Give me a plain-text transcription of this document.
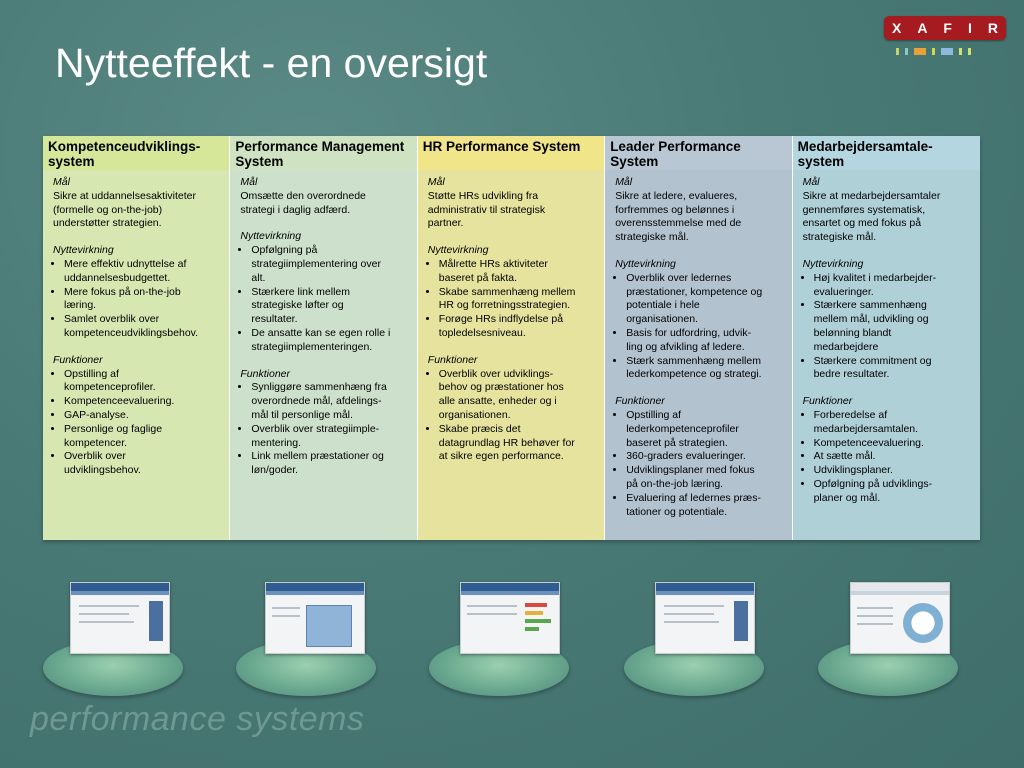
Nytteeffekt - en oversigt
X A F I R
Kompetenceudviklings-
system
Mål
Sikre at uddannelsesaktiviteter
(formelle og on-the-job)
understøtter strategien.
Nyttevirkning
• Mere effektiv udnyttelse af
uddannelsesbudgettet.
• Mere fokus på on-the-job
læring.
• Samlet overblik over
kompetenceudviklingsbehov.
Funktioner
• Opstilling af
kompetenceprofiler.
• Kompetenceevaluering.
• GAP-analyse.
• Personlige og faglige
kompetencer.
• Overblik over
udviklingsbehov.
Performance Management
System
Mål
Omsætte den overordnede
strategi i daglig adfærd.
Nyttevirkning
• Opfølgning på
strategiimplementering over
alt.
• Stærkere link mellem
strategiske løfter og
resultater.
• De ansatte kan se egen rolle i
strategiimplementeringen.
Funktioner
• Synliggøre sammenhæng fra
overordnede mål, afdelings-
mål til personlige mål.
• Overblik over strategiimple-
mentering.
• Link mellem præstationer og
løn/goder.
HR Performance System
Mål
Støtte HRs udvikling fra
administrativ til strategisk
partner.
Nyttevirkning
• Målrette HRs aktiviteter
baseret på fakta.
• Skabe sammenhæng mellem
HR og forretningsstrategien.
• Forøge HRs indflydelse på
topledelsesniveau.
Funktioner
• Overblik over udviklings-
behov og præstationer hos
alle ansatte, enheder og i
organisationen.
• Skabe præcis det
datagrundlag HR behøver for
at sikre egen performance.
Leader Performance
System
Mål
Sikre at ledere, evalueres,
forfremmes og belønnes i
overensstemmelse med de
strategiske mål.
Nyttevirkning
• Overblik over ledernes
præstationer, kompetence og
potentiale i hele
organisationen.
• Basis for udfordring, udvik-
ling og afvikling af ledere.
• Stærk sammenhæng mellem
lederkompetence og strategi.
Funktioner
• Opstilling af
lederkompetenceprofiler
baseret på strategien.
• 360-graders evalueringer.
• Udviklingsplaner med fokus
på on-the-job læring.
• Evaluering af ledernes præs-
tationer og potentiale.
Medarbejdersamtale-
system
Mål
Sikre at medarbejdersamtaler
gennemføres systematisk,
ensartet og med fokus på
strategiske mål.
Nyttevirkning
• Høj kvalitet i medarbejder-
evalueringer.
• Stærkere sammenhæng
mellem mål, udvikling og
belønning blandt
medarbejdere
• Stærkere commitment og
bedre resultater.
Funktioner
• Forberedelse af
medarbejdersamtalen.
• Kompetenceevaluering.
• At sætte mål.
• Udviklingsplaner.
• Opfølgning på udviklings-
planer og mål.
performance systems
